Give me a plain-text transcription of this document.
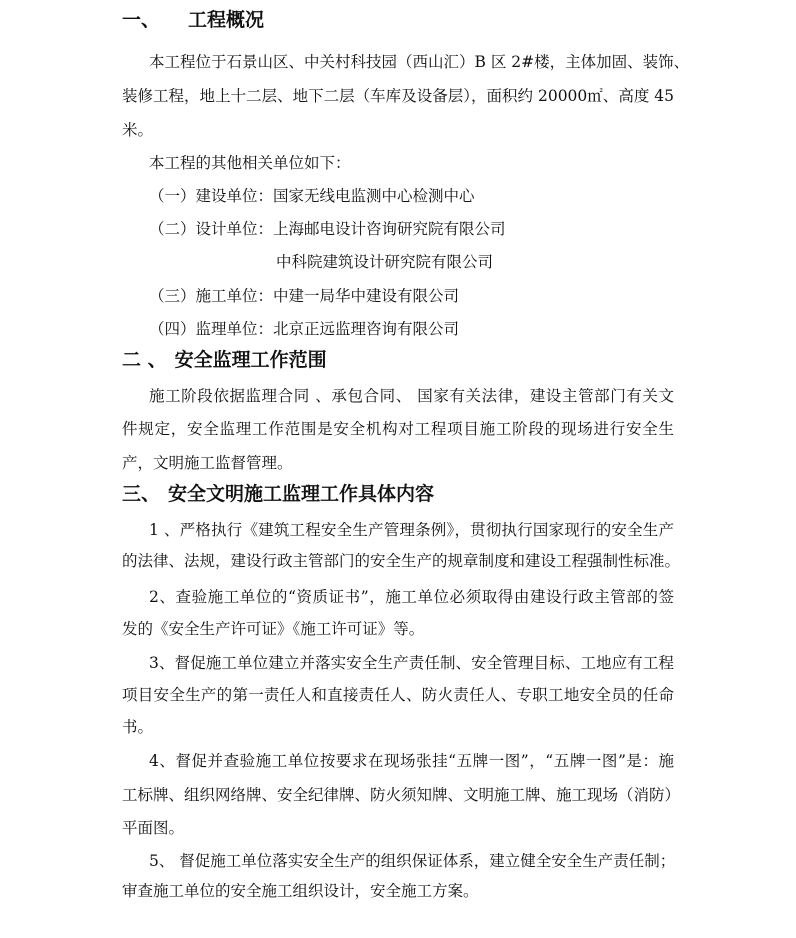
一、 工程概况
本工程位于石景山区、中关村科技园（西山汇）B 区 2#楼，主体加固、装饰、
装修工程，地上十二层、地下二层（车库及设备层），面积约 20000㎡、高度 45
米。
本工程的其他相关单位如下：
（一）建设单位：国家无线电监测中心检测中心
（二）设计单位：上海邮电设计咨询研究院有限公司
中科院建筑设计研究院有限公司
（三）施工单位：中建一局华中建设有限公司
（四）监理单位：北京正远监理咨询有限公司
二 、 安全监理工作范围
施工阶段依据监理合同 、承包合同、 国家有关法律，建设主管部门有关文
件规定，安全监理工作范围是安全机构对工程项目施工阶段的现场进行安全生
产，文明施工监督管理。
三、 安全文明施工监理工作具体内容
1 、严格执行《建筑工程安全生产管理条例》，贯彻执行国家现行的安全生产
的法律、法规，建设行政主管部门的安全生产的规章制度和建设工程强制性标准。
2、查验施工单位的“资质证书”，施工单位必须取得由建设行政主管部的签
发的《安全生产许可证》《施工许可证》等。
3、督促施工单位建立并落实安全生产责任制、安全管理目标、工地应有工程
项目安全生产的第一责任人和直接责任人、防火责任人、专职工地安全员的任命
书。
4、督促并查验施工单位按要求在现场张挂“五牌一图”，“五牌一图”是：施
工标牌、组织网络牌、安全纪律牌、防火须知牌、文明施工牌、施工现场（消防）
平面图。
5、 督促施工单位落实安全生产的组织保证体系，建立健全安全生产责任制；
审查施工单位的安全施工组织设计，安全施工方案。
